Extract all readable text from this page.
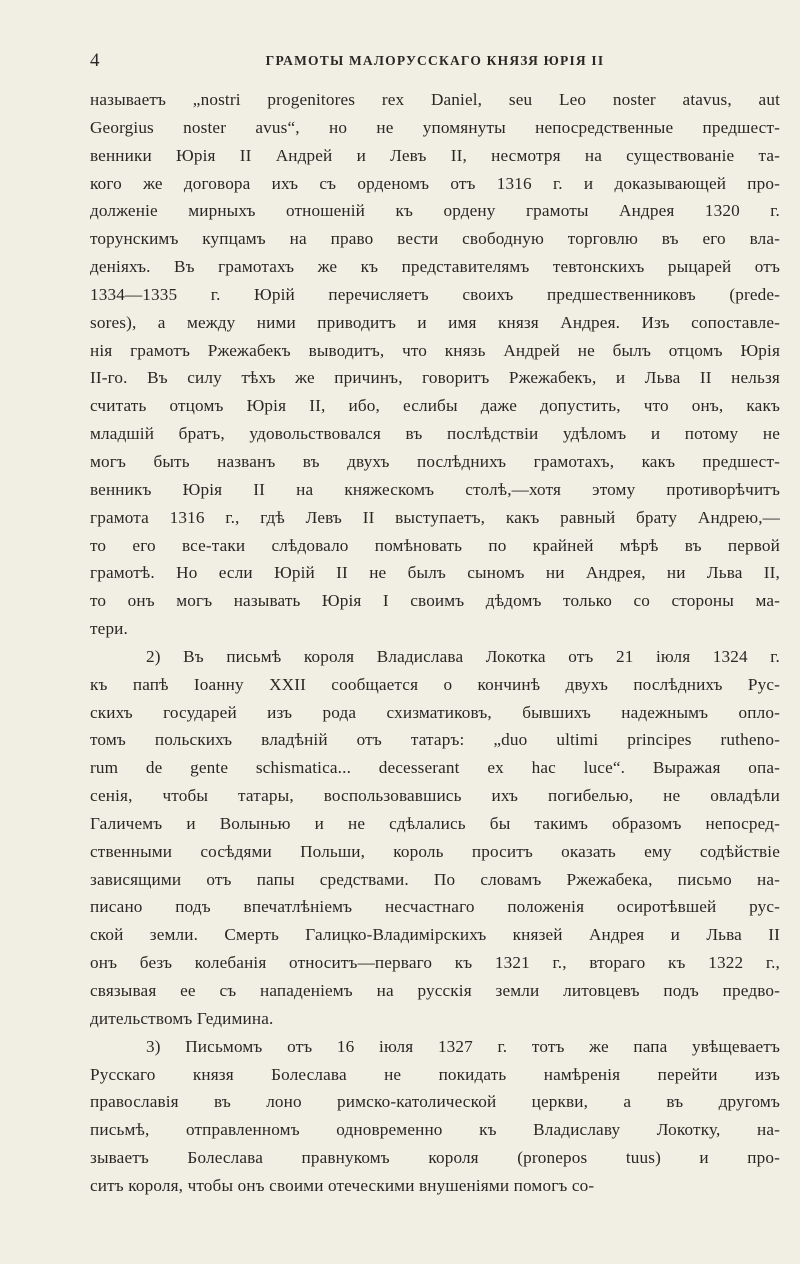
4	ГРАМОТЫ МАЛОРУССКАГО КНЯЗЯ ЮРІЯ II
называетъ „nostri progenitores rex Daniel, seu Leo noster atavus, aut
Georgius noster avus“, но не упомянуты непосредственные предшест-
венники Юрія II Андрей и Левъ II, несмотря на существованіе та-
кого же договора ихъ съ орденомъ отъ 1316 г. и доказывающей про-
долженіе мирныхъ отношеній къ ордену грамоты Андрея 1320 г.
торунскимъ купцамъ на право вести свободную торговлю въ его вла-
деніяхъ. Въ грамотахъ же къ представителямъ тевтонскихъ рыцарей отъ
1334—1335 г. Юрій перечисляетъ своихъ предшественниковъ (prede-
sores), а между ними приводитъ и имя князя Андрея. Изъ сопоставле-
нія грамотъ Ржежабекъ выводитъ, что князь Андрей не былъ отцомъ Юрія
II-го. Въ силу тѣхъ же причинъ, говоритъ Ржежабекъ, и Льва II нельзя
считать отцомъ Юрія II, ибо, еслибы даже допустить, что онъ, какъ
младшій братъ, удовольствовался въ послѣдствіи удѣломъ и потому не
могъ быть названъ въ двухъ послѣднихъ грамотахъ, какъ предшест-
венникъ Юрія II на княжескомъ столѣ,—хотя этому противорѣчитъ
грамота 1316 г., гдѣ Левъ II выступаетъ, какъ равный брату Андрею,—
то его все-таки слѣдовало помѣновать по крайней мѣрѣ въ первой
грамотѣ. Но если Юрій II не былъ сыномъ ни Андрея, ни Льва II,
то онъ могъ называть Юрія I своимъ дѣдомъ только со стороны ма-
тери.
2) Въ письмѣ короля Владислава Локотка отъ 21 іюля 1324 г.
къ папѣ Іоанну XXII сообщается о кончинѣ двухъ послѣднихъ Рус-
скихъ государей изъ рода схизматиковъ, бывшихъ надежнымъ опло-
томъ польскихъ владѣній отъ татаръ: „duo ultimi principes rutheno-
rum de gente schismatica... decesserant ex hac luce“. Выражая опа-
сенія, чтобы татары, воспользовавшись ихъ погибелью, не овладѣли
Галичемъ и Волынью и не сдѣлались бы такимъ образомъ непосред-
ственными сосѣдями Польши, король проситъ оказать ему содѣйствіе
зависящими отъ папы средствами. По словамъ Ржежабека, письмо на-
писано подъ впечатлѣніемъ несчастнаго положенія осиротѣвшей рус-
ской земли. Смерть Галицко-Владимірскихъ князей Андрея и Льва II
онъ безъ колебанія относитъ—перваго къ 1321 г., втораго къ 1322 г.,
связывая ее съ нападеніемъ на русскія земли литовцевъ подъ предво-
дительствомъ Гедимина.
3) Письмомъ отъ 16 іюля 1327 г. тотъ же папа увѣщеваетъ
Русскаго князя Болеслава не покидать намѣренія перейти изъ
православія въ лоно римско-католической церкви, а въ другомъ
письмѣ, отправленномъ одновременно къ Владиславу Локотку, на-
зываетъ Болеслава правнукомъ короля (proneроs tuus) и про-
ситъ короля, чтобы онъ своими отеческими внушеніями помогъ со-
